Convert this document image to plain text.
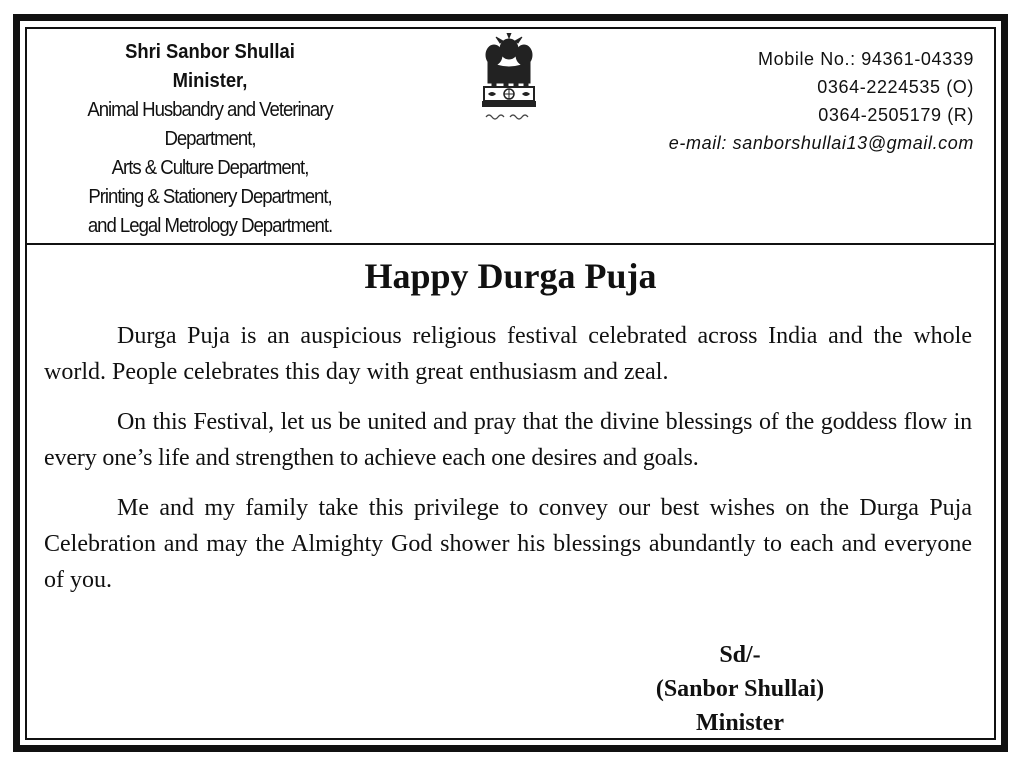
Shri Sanbor Shullai
Minister,
Animal Husbandry and Veterinary
Department,
Arts & Culture Department,
Printing & Stationery Department,
and Legal Metrology Department.
Mobile No.: 94361-04339
0364-2224535 (O)
0364-2505179 (R)
e-mail: sanborshullai13@gmail.com
Happy Durga Puja

Durga Puja is an auspicious religious festival celebrated across India and the whole world. People celebrates this day with great enthusiasm and zeal.

On this Festival, let us be united and pray that the divine blessings of the goddess flow in every one’s life and strengthen to achieve each one desires and goals.

Me and my family take this privilege to convey our best wishes on the Durga Puja Celebration and may the Almighty God shower his blessings abundantly to each and everyone of you.

Sd/-
(Sanbor Shullai)
Minister
